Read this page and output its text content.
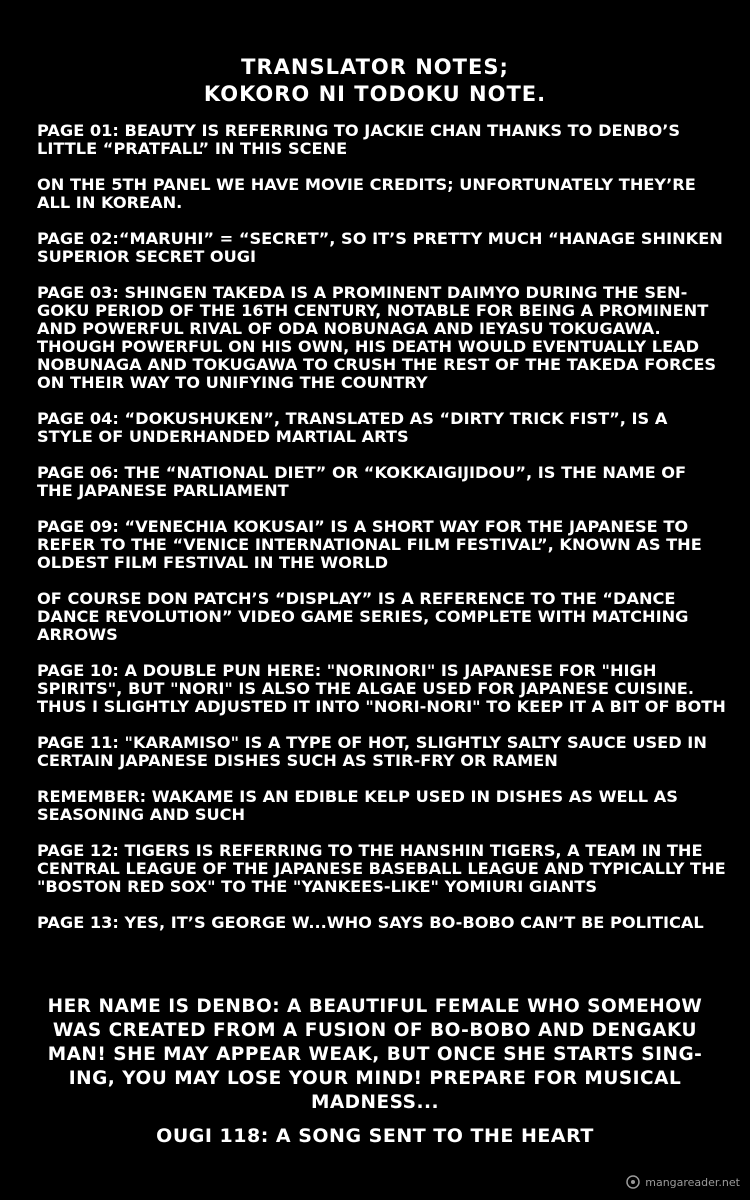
TRANSLATOR NOTES;
KOKORO NI TODOKU NOTE.

PAGE 01: BEAUTY IS REFERRING TO JACKIE CHAN THANKS TO DENBO’S LITTLE “PRATFALL” IN THIS SCENE

ON THE 5TH PANEL WE HAVE MOVIE CREDITS; UNFORTUNATELY THEY’RE ALL IN KOREAN.

PAGE 02:“MARUHI” = “SECRET”, SO IT’S PRETTY MUCH “HANAGE SHINKEN SUPERIOR SECRET OUGI

PAGE 03: SHINGEN TAKEDA IS A PROMINENT DAIMYO DURING THE SEN-GOKU PERIOD OF THE 16TH CENTURY, NOTABLE FOR BEING A PROMINENT AND POWERFUL RIVAL OF ODA NOBUNAGA AND IEYASU TOKUGAWA. THOUGH POWERFUL ON HIS OWN, HIS DEATH WOULD EVENTUALLY LEAD NOBUNAGA AND TOKUGAWA TO CRUSH THE REST OF THE TAKEDA FORCES ON THEIR WAY TO UNIFYING THE COUNTRY

PAGE 04: “DOKUSHUKEN”, TRANSLATED AS “DIRTY TRICK FIST”, IS A STYLE OF UNDERHANDED MARTIAL ARTS

PAGE 06: THE “NATIONAL DIET” OR “KOKKAIGIJIDOU”, IS THE NAME OF THE JAPANESE PARLIAMENT

PAGE 09: “VENECHIA KOKUSAI” IS A SHORT WAY FOR THE JAPANESE TO REFER TO THE “VENICE INTERNATIONAL FILM FESTIVAL”, KNOWN AS THE OLDEST FILM FESTIVAL IN THE WORLD

OF COURSE DON PATCH’S “DISPLAY” IS A REFERENCE TO THE “DANCE DANCE REVOLUTION” VIDEO GAME SERIES, COMPLETE WITH MATCHING ARROWS

PAGE 10: A DOUBLE PUN HERE: "NORINORI" IS JAPANESE FOR "HIGH SPIRITS", BUT "NORI" IS ALSO THE ALGAE USED FOR JAPANESE CUISINE. THUS I SLIGHTLY ADJUSTED IT INTO "NORI-NORI" TO KEEP IT A BIT OF BOTH

PAGE 11: "KARAMISO" IS A TYPE OF HOT, SLIGHTLY SALTY SAUCE USED IN CERTAIN JAPANESE DISHES SUCH AS STIR-FRY OR RAMEN

REMEMBER: WAKAME IS AN EDIBLE KELP USED IN DISHES AS WELL AS SEASONING AND SUCH

PAGE 12: TIGERS IS REFERRING TO THE HANSHIN TIGERS, A TEAM IN THE CENTRAL LEAGUE OF THE JAPANESE BASEBALL LEAGUE AND TYPICALLY THE "BOSTON RED SOX" TO THE "YANKEES-LIKE" YOMIURI GIANTS

PAGE 13: YES, IT’S GEORGE W...WHO SAYS BO-BOBO CAN’T BE POLITICAL

HER NAME IS DENBO: A BEAUTIFUL FEMALE WHO SOMEHOW WAS CREATED FROM A FUSION OF BO-BOBO AND DENGAKU MAN! SHE MAY APPEAR WEAK, BUT ONCE SHE STARTS SING-ING, YOU MAY LOSE YOUR MIND! PREPARE FOR MUSICAL MADNESS...
OUGI 118: A SONG SENT TO THE HEART
mangareader.net
